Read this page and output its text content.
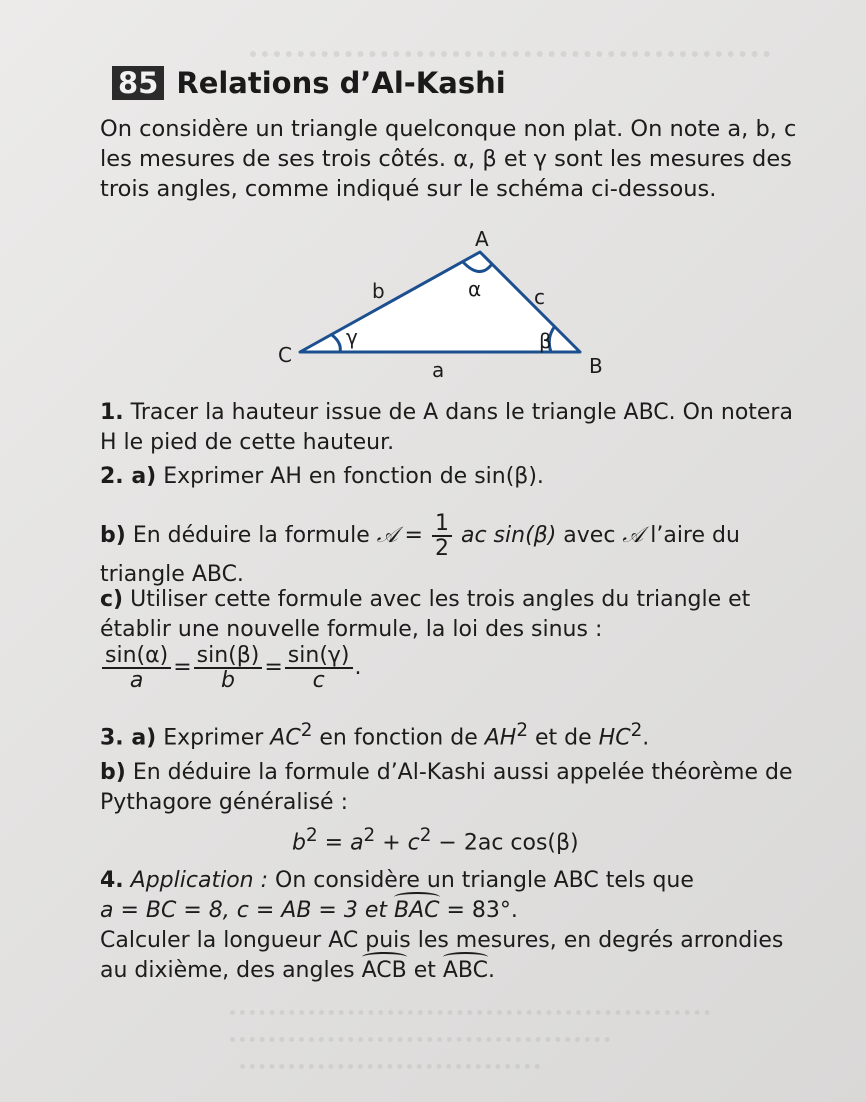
85 Relations d’Al-Kashi
On considère un triangle quelconque non plat. On note a, b, c les mesures de ses trois côtés. α, β et γ sont les mesures des trois angles, comme indiqué sur le schéma ci-dessous.
A
B
C
b	c
a
α
β
γ
1. Tracer la hauteur issue de A dans le triangle ABC. On notera H le pied de cette hauteur.
2. a) Exprimer AH en fonction de sin(β).
b) En déduire la formule 𝒜 = $\frac{1}{2}$ ac sin(β) avec 𝒜 l’aire du triangle ABC.
c) Utiliser cette formule avec les trois angles du triangle et établir une nouvelle formule, la loi des sinus :
$\frac{\sin(\alpha)}{a} = \frac{\sin(\beta)}{b} = \frac{\sin(\gamma)}{c}$ .
3. a) Exprimer $AC^2$ en fonction de $AH^2$ et de $HC^2$.
b) En déduire la formule d’Al-Kashi aussi appelée théorème de Pythagore généralisé :
$b^2 = a^2 + c^2 - 2ac$ cos(β)
4. Application : On considère un triangle ABC tels que
a = BC = 8, c = AB = 3 et BAC = 83°.
Calculer la longueur AC puis les mesures, en degrés arrondies au dixième, des angles ACB et ABC.
